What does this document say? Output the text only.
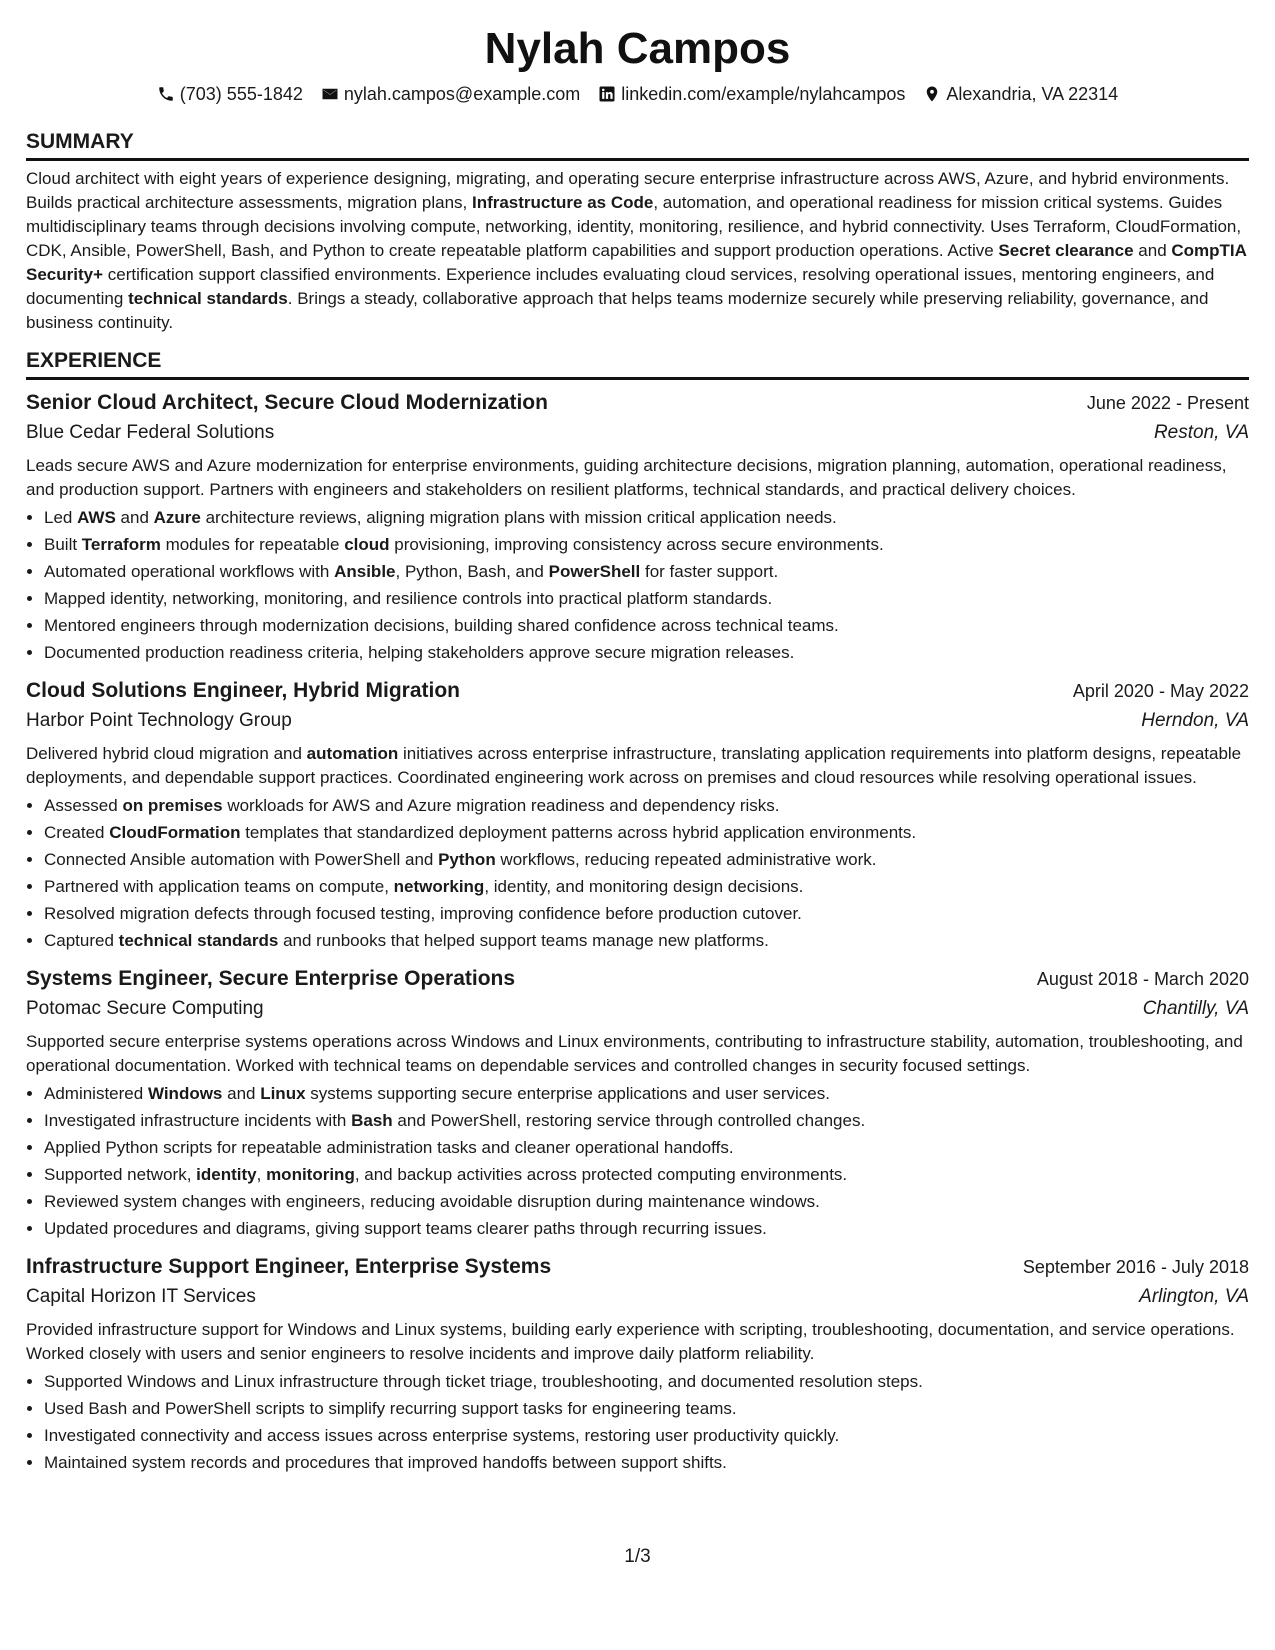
Nylah Campos
(703) 555-1842 nylah.campos@example.com linkedin.com/example/nylahcampos Alexandria, VA 22314
SUMMARY

Cloud architect with eight years of experience designing, migrating, and operating secure enterprise infrastructure across AWS, Azure, and hybrid environments. Builds practical architecture assessments, migration plans, Infrastructure as Code, automation, and operational readiness for mission critical systems. Guides multidisciplinary teams through decisions involving compute, networking, identity, monitoring, resilience, and hybrid connectivity. Uses Terraform, CloudFormation, CDK, Ansible, PowerShell, Bash, and Python to create repeatable platform capabilities and support production operations. Active Secret clearance and CompTIA Security+ certification support classified environments. Experience includes evaluating cloud services, resolving operational issues, mentoring engineers, and documenting technical standards. Brings a steady, collaborative approach that helps teams modernize securely while preserving reliability, governance, and business continuity.

EXPERIENCE
Senior Cloud Architect, Secure Cloud Modernization	June 2022 - Present
Blue Cedar Federal Solutions	Reston, VA

Leads secure AWS and Azure modernization for enterprise environments, guiding architecture decisions, migration planning, automation, operational readiness, and production support. Partners with engineers and stakeholders on resilient platforms, technical standards, and practical delivery choices.

• Led AWS and Azure architecture reviews, aligning migration plans with mission critical application needs.
• Built Terraform modules for repeatable cloud provisioning, improving consistency across secure environments.
• Automated operational workflows with Ansible, Python, Bash, and PowerShell for faster support.
• Mapped identity, networking, monitoring, and resilience controls into practical platform standards.
• Mentored engineers through modernization decisions, building shared confidence across technical teams.
• Documented production readiness criteria, helping stakeholders approve secure migration releases.
Cloud Solutions Engineer, Hybrid Migration	April 2020 - May 2022
Harbor Point Technology Group	Herndon, VA

Delivered hybrid cloud migration and automation initiatives across enterprise infrastructure, translating application requirements into platform designs, repeatable deployments, and dependable support practices. Coordinated engineering work across on premises and cloud resources while resolving operational issues.

• Assessed on premises workloads for AWS and Azure migration readiness and dependency risks.
• Created CloudFormation templates that standardized deployment patterns across hybrid application environments.
• Connected Ansible automation with PowerShell and Python workflows, reducing repeated administrative work.
• Partnered with application teams on compute, networking, identity, and monitoring design decisions.
• Resolved migration defects through focused testing, improving confidence before production cutover.
• Captured technical standards and runbooks that helped support teams manage new platforms.
Systems Engineer, Secure Enterprise Operations	August 2018 - March 2020
Potomac Secure Computing	Chantilly, VA

Supported secure enterprise systems operations across Windows and Linux environments, contributing to infrastructure stability, automation, troubleshooting, and operational documentation. Worked with technical teams on dependable services and controlled changes in security focused settings.

• Administered Windows and Linux systems supporting secure enterprise applications and user services.
• Investigated infrastructure incidents with Bash and PowerShell, restoring service through controlled changes.
• Applied Python scripts for repeatable administration tasks and cleaner operational handoffs.
• Supported network, identity, monitoring, and backup activities across protected computing environments.
• Reviewed system changes with engineers, reducing avoidable disruption during maintenance windows.
• Updated procedures and diagrams, giving support teams clearer paths through recurring issues.
Infrastructure Support Engineer, Enterprise Systems	September 2016 - July 2018
Capital Horizon IT Services	Arlington, VA

Provided infrastructure support for Windows and Linux systems, building early experience with scripting, troubleshooting, documentation, and service operations. Worked closely with users and senior engineers to resolve incidents and improve daily platform reliability.

• Supported Windows and Linux infrastructure through ticket triage, troubleshooting, and documented resolution steps.
• Used Bash and PowerShell scripts to simplify recurring support tasks for engineering teams.
• Investigated connectivity and access issues across enterprise systems, restoring user productivity quickly.
• Maintained system records and procedures that improved handoffs between support shifts.
1/3
